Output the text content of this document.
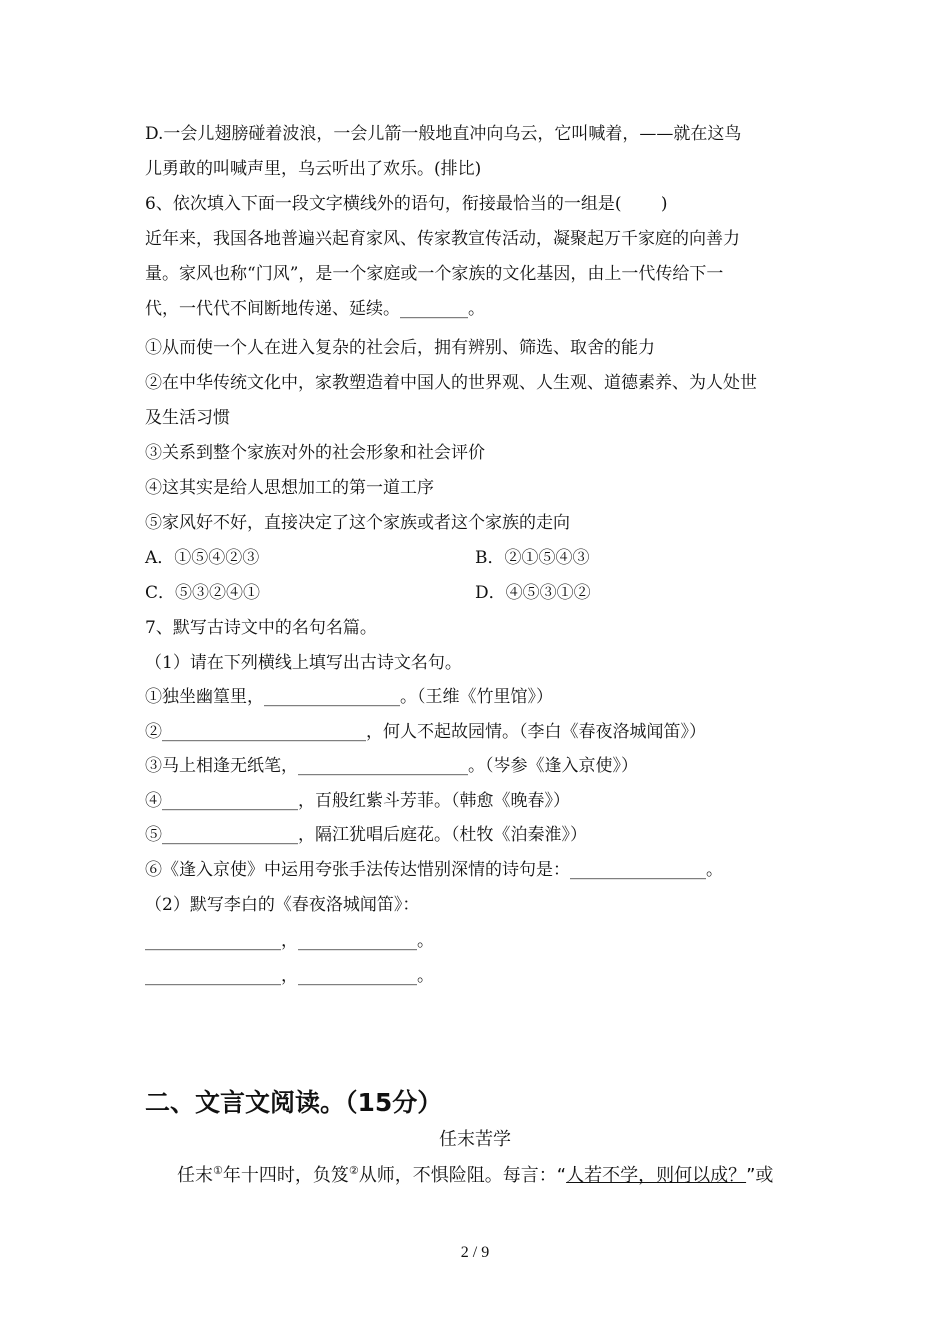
D.一会儿翅膀碰着波浪，一会儿箭一般地直冲向乌云，它叫喊着，——就在这鸟
儿勇敢的叫喊声里，乌云听出了欢乐。(排比)
6、依次填入下面一段文字横线外的语句，衔接最恰当的一组是(　　 )
近年来，我国各地普遍兴起育家风、传家教宣传活动，凝聚起万千家庭的向善力
量。家风也称“门风”，是一个家庭或一个家族的文化基因，由上一代传给下一
代，一代代不间断地传递、延续。________。
①从而使一个人在进入复杂的社会后，拥有辨别、筛选、取舍的能力
②在中华传统文化中，家教塑造着中国人的世界观、人生观、道德素养、为人处世
及生活习惯
③关系到整个家族对外的社会形象和社会评价
④这其实是给人思想加工的第一道工序
⑤家风好不好，直接决定了这个家族或者这个家族的走向
A．①⑤④②③	B．②①⑤④③
C．⑤③②④①	D．④⑤③①②
7、默写古诗文中的名句名篇。
（1）请在下列横线上填写出古诗文名句。
①独坐幽篁里，________________。（王维《竹里馆》）
②________________________，何人不起故园情。（李白《春夜洛城闻笛》）
③马上相逢无纸笔，____________________。（岑参《逢入京使》）
④________________，百般红紫斗芳菲。（韩愈《晚春》）
⑤________________，隔江犹唱后庭花。（杜牧《泊秦淮》）
⑥《逢入京使》中运用夸张手法传达惜别深情的诗句是：________________。
（2）默写李白的《春夜洛城闻笛》：
________________，______________。
________________，______________。
二、文言文阅读。（15分）
任末苦学
任末①年十四时，负笈②从师，不惧险阻。每言：“人若不学，则何以成？”或
2 / 9
